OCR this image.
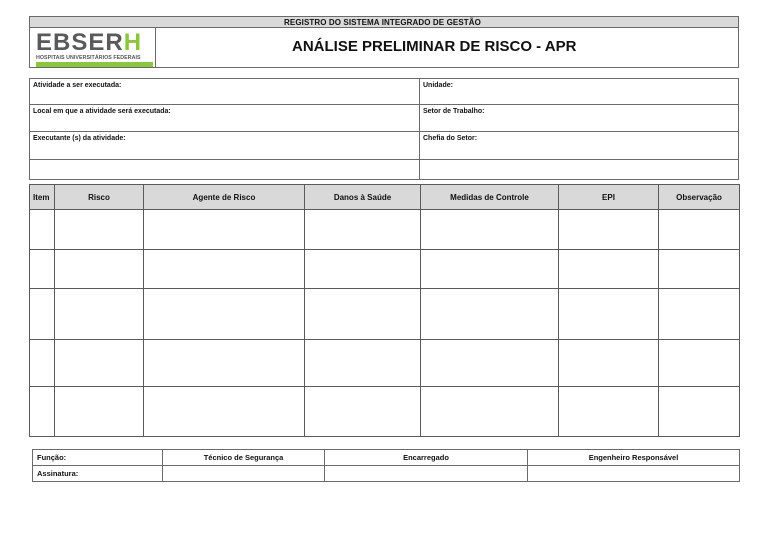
REGISTRO DO SISTEMA INTEGRADO DE GESTÃO
EBSERH
HOSPITAIS UNIVERSITÁRIOS FEDERAIS
ANÁLISE PRELIMINAR DE RISCO - APR
Atividade a ser executada:	Unidade:
Local em que a atividade será executada:	Setor de Trabalho:
Executante (s) da atividade:	Chefia do Setor:
Item	Risco	Agente de Risco	Danos à Saúde	Medidas de Controle	EPI	Observação

Função:	Técnico de Segurança	Encarregado	Engenheiro Responsável
Assinatura:			
